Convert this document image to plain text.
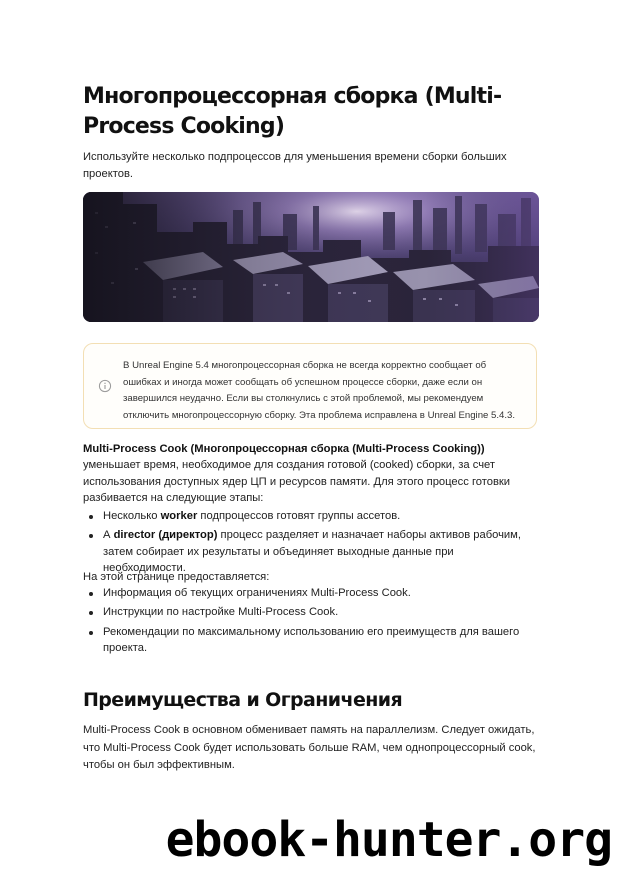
Многопроцессорная сборка (Multi-Process Cooking)

Используйте несколько подпроцессов для уменьшения времени сборки больших проектов.

В Unreal Engine 5.4 многопроцессорная сборка не всегда корректно сообщает об ошибках и иногда может сообщать об успешном процессе сборки, даже если он завершился неудачно. Если вы столкнулись с этой проблемой, мы рекомендуем отключить многопроцессорную сборку. Эта проблема исправлена в Unreal Engine 5.4.3.

Multi-Process Cook (Многопроцессорная сборка (Multi-Process Cooking)) уменьшает время, необходимое для создания готовой (cooked) сборки, за счет использования доступных ядер ЦП и ресурсов памяти. Для этого процесс готовки разбивается на следующие этапы:

Несколько worker подпроцессов готовят группы ассетов.
А director (директор) процесс разделяет и назначает наборы активов рабочим, затем собирает их результаты и объединяет выходные данные при необходимости.

На этой странице предоставляется:

Информация об текущих ограничениях Multi-Process Cook.
Инструкции по настройке Multi-Process Cook.
Рекомендации по максимальному использованию его преимуществ для вашего проекта.
Преимущества и Ограничения

Multi-Process Cook в основном обменивает память на параллелизм. Следует ожидать, что Multi-Process Cook будет использовать больше RAM, чем однопроцессорный cook, чтобы он был эффективным.

ebook-hunter.org
